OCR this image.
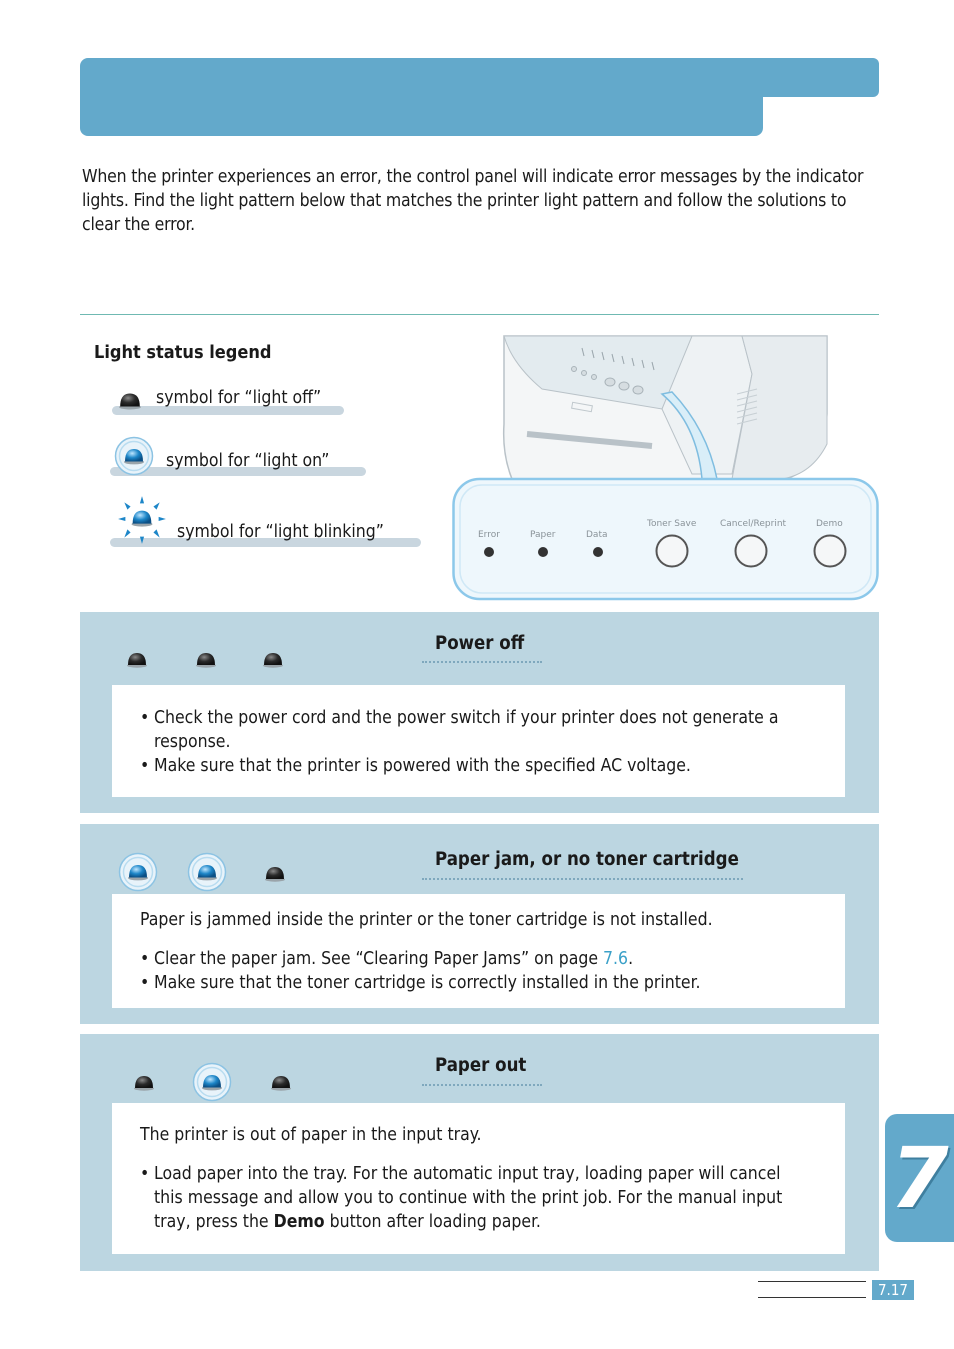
When the printer experiences an error, the control panel will indicate error messages by the indicator lights. Find the light pattern below that matches the printer light pattern and follow the solutions to clear the error.
Light status legend
symbol for “light off”
symbol for “light on”
symbol for “light blinking”	Error	Paper	Data
Toner Save	Cancel/Reprint	Demo
Power off
• Check the power cord and the power switch if your printer does not generate a response.
• Make sure that the printer is powered with the specified AC voltage.
Paper jam, or no toner cartridge
Paper is jammed inside the printer or the toner cartridge is not installed.
• Clear the paper jam. See “Clearing Paper Jams” on page 7.6.
• Make sure that the toner cartridge is correctly installed in the printer.
Paper out
The printer is out of paper in the input tray.
• Load paper into the tray. For the automatic input tray, loading paper will cancel this message and allow you to continue with the print job. For the manual input tray, press the Demo button after loading paper.	7
7.17
